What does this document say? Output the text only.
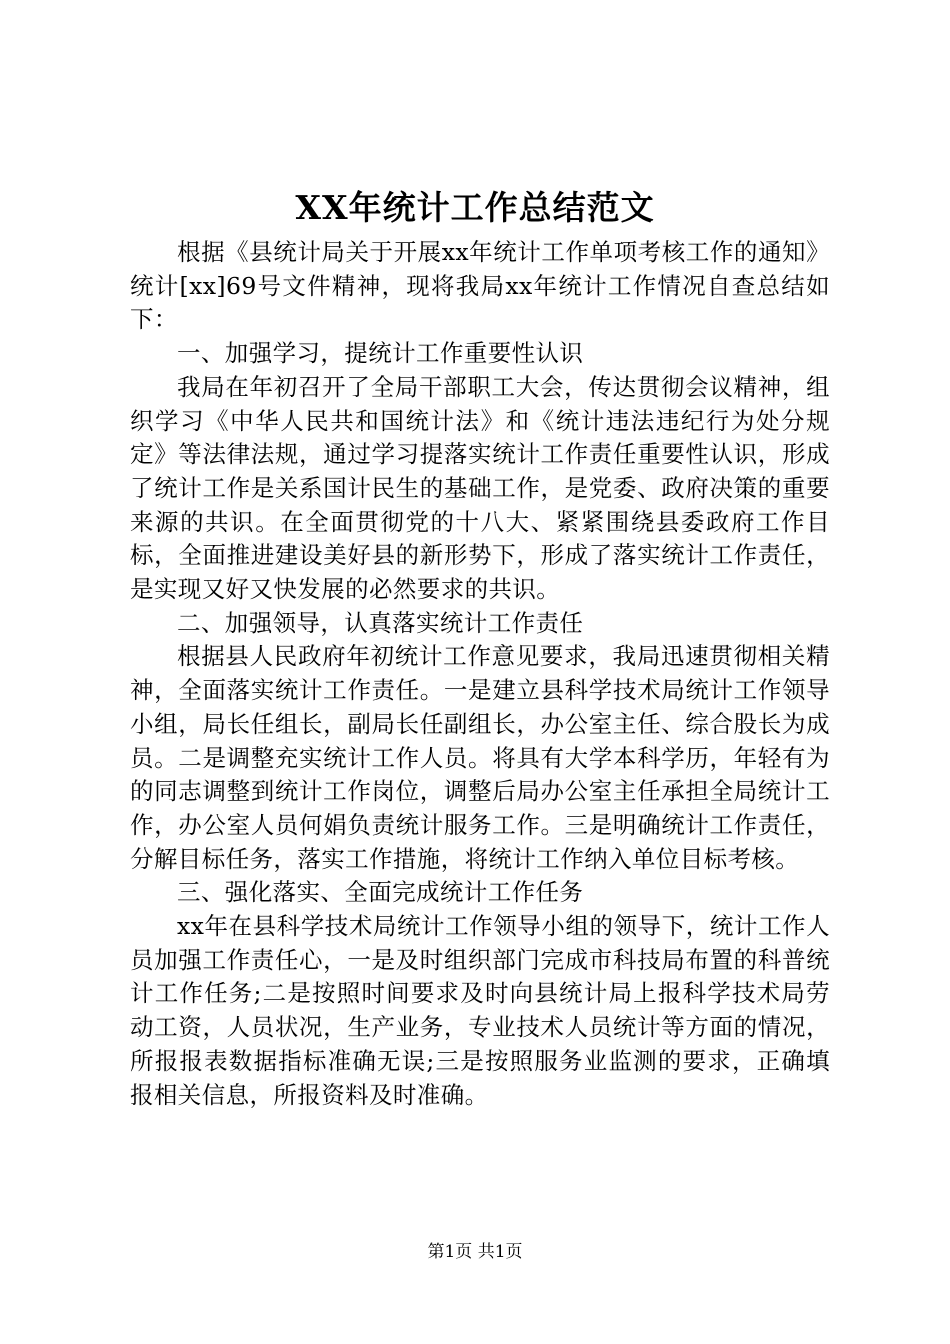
XX年统计工作总结范文

根据《县统计局关于开展xx年统计工作单项考核工作的通知》统计[xx]69号文件精神，现将我局xx年统计工作情况自查总结如下：

一、加强学习，提统计工作重要性认识

我局在年初召开了全局干部职工大会，传达贯彻会议精神，组织学习《中华人民共和国统计法》和《统计违法违纪行为处分规定》等法律法规，通过学习提落实统计工作责任重要性认识，形成了统计工作是关系国计民生的基础工作，是党委、政府决策的重要来源的共识。在全面贯彻党的十八大、紧紧围绕县委政府工作目标，全面推进建设美好县的新形势下，形成了落实统计工作责任，是实现又好又快发展的必然要求的共识。

二、加强领导，认真落实统计工作责任

根据县人民政府年初统计工作意见要求，我局迅速贯彻相关精神，全面落实统计工作责任。一是建立县科学技术局统计工作领导小组，局长任组长，副局长任副组长，办公室主任、综合股长为成员。二是调整充实统计工作人员。将具有大学本科学历，年轻有为的同志调整到统计工作岗位，调整后局办公室主任承担全局统计工作，办公室人员何娟负责统计服务工作。三是明确统计工作责任，分解目标任务，落实工作措施，将统计工作纳入单位目标考核。

三、强化落实、全面完成统计工作任务

xx年在县科学技术局统计工作领导小组的领导下，统计工作人员加强工作责任心，一是及时组织部门完成市科技局布置的科普统计工作任务;二是按照时间要求及时向县统计局上报科学技术局劳动工资，人员状况，生产业务，专业技术人员统计等方面的情况，所报报表数据指标准确无误;三是按照服务业监测的要求，正确填报相关信息，所报资料及时准确。

第1页 共1页
